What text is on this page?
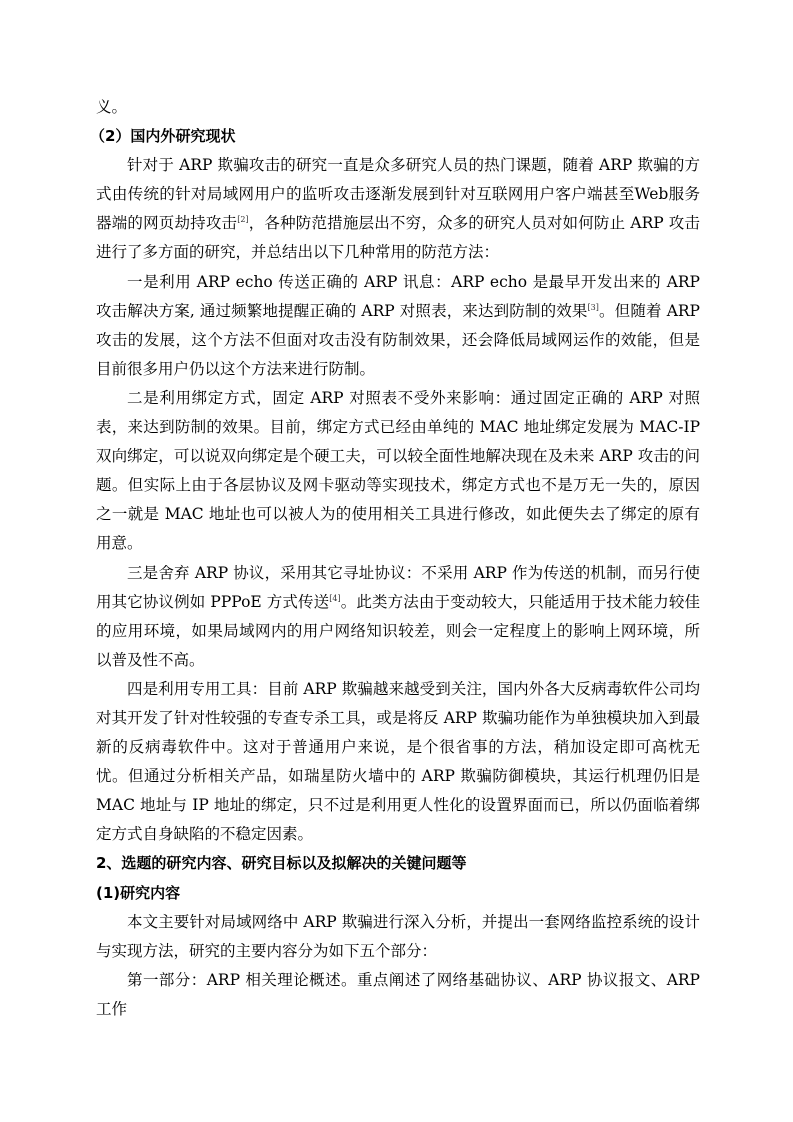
义。

（2）国内外研究现状

针对于 ARP 欺骗攻击的研究一直是众多研究人员的热门课题，随着 ARP 欺骗的方式由传统的针对局域网用户的监听攻击逐渐发展到针对互联网用户客户端甚至Web服务器端的网页劫持攻击[2]，各种防范措施层出不穷，众多的研究人员对如何防止 ARP 攻击进行了多方面的研究，并总结出以下几种常用的防范方法：

一是利用 ARP echo 传送正确的 ARP 讯息：ARP echo 是最早开发出来的 ARP 攻击解决方案, 通过频繁地提醒正确的 ARP 对照表，来达到防制的效果[3]。但随着 ARP 攻击的发展，这个方法不但面对攻击没有防制效果，还会降低局域网运作的效能，但是目前很多用户仍以这个方法来进行防制。

二是利用绑定方式，固定 ARP 对照表不受外来影响：通过固定正确的 ARP 对照表，来达到防制的效果。目前，绑定方式已经由单纯的 MAC 地址绑定发展为 MAC-IP 双向绑定，可以说双向绑定是个硬工夫，可以较全面性地解决现在及未来 ARP 攻击的问题。但实际上由于各层协议及网卡驱动等实现技术，绑定方式也不是万无一失的，原因之一就是 MAC 地址也可以被人为的使用相关工具进行修改，如此便失去了绑定的原有用意。

三是舍弃 ARP 协议，采用其它寻址协议：不采用 ARP 作为传送的机制，而另行使用其它协议例如 PPPoE 方式传送[4]。此类方法由于变动较大，只能适用于技术能力较佳的应用环境，如果局域网内的用户网络知识较差，则会一定程度上的影响上网环境，所以普及性不高。

四是利用专用工具：目前 ARP 欺骗越来越受到关注，国内外各大反病毒软件公司均对其开发了针对性较强的专查专杀工具，或是将反 ARP 欺骗功能作为单独模块加入到最新的反病毒软件中。这对于普通用户来说，是个很省事的方法，稍加设定即可高枕无忧。但通过分析相关产品，如瑞星防火墙中的 ARP 欺骗防御模块，其运行机理仍旧是 MAC 地址与 IP 地址的绑定，只不过是利用更人性化的设置界面而已，所以仍面临着绑定方式自身缺陷的不稳定因素。

2、选题的研究内容、研究目标以及拟解决的关键问题等

(1)研究内容

本文主要针对局域网络中 ARP 欺骗进行深入分析，并提出一套网络监控系统的设计与实现方法，研究的主要内容分为如下五个部分：

第一部分：ARP 相关理论概述。重点阐述了网络基础协议、ARP 协议报文、ARP 工作
